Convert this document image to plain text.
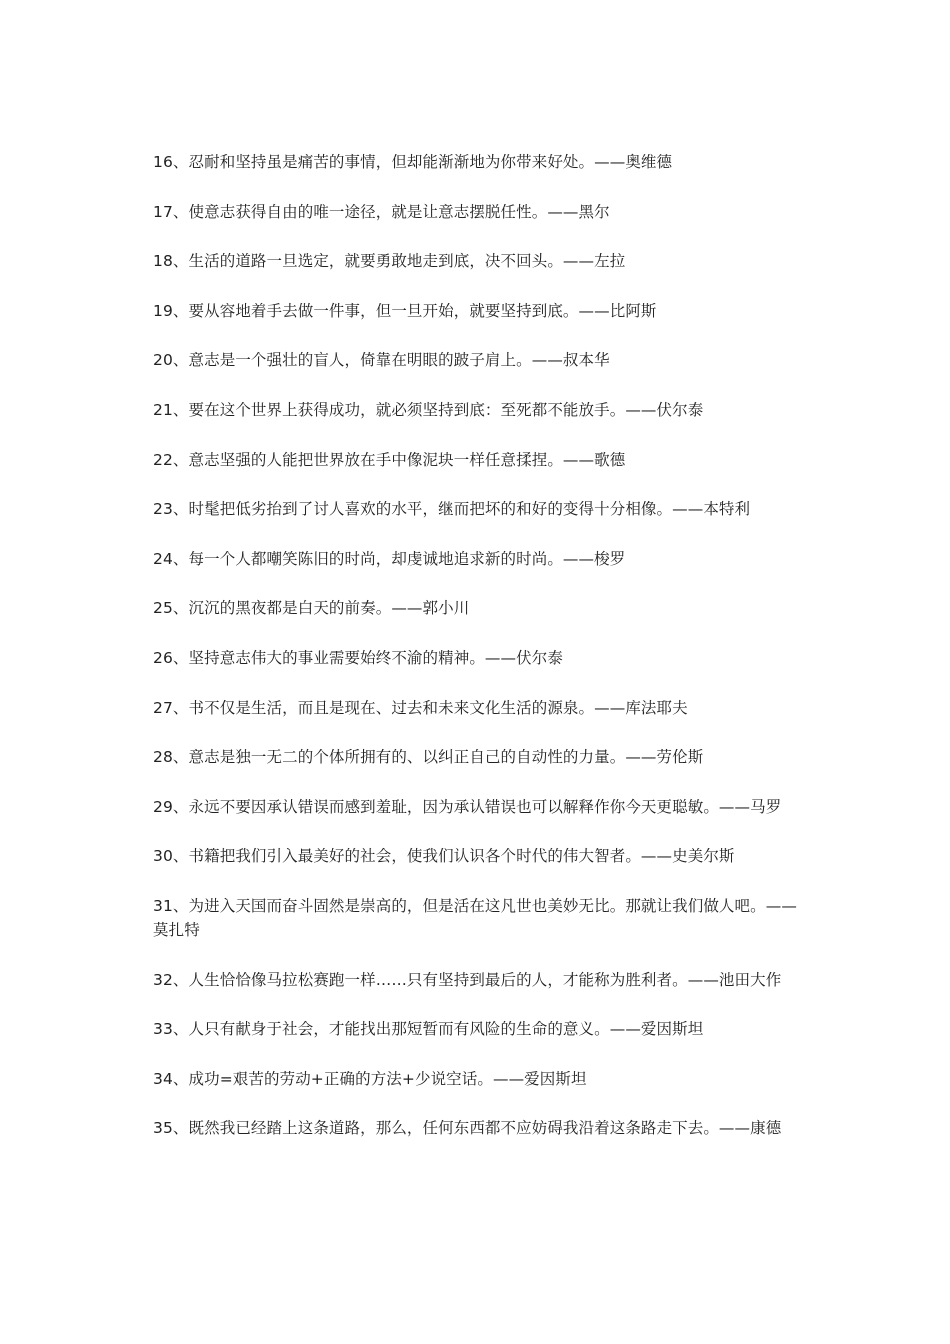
16、忍耐和坚持虽是痛苦的事情，但却能渐渐地为你带来好处。——奥维德
17、使意志获得自由的唯一途径，就是让意志摆脱任性。——黑尔
18、生活的道路一旦选定，就要勇敢地走到底，决不回头。——左拉
19、要从容地着手去做一件事，但一旦开始，就要坚持到底。——比阿斯
20、意志是一个强壮的盲人，倚靠在明眼的跛子肩上。——叔本华
21、要在这个世界上获得成功，就必须坚持到底：至死都不能放手。——伏尔泰
22、意志坚强的人能把世界放在手中像泥块一样任意揉捏。——歌德
23、时髦把低劣抬到了讨人喜欢的水平，继而把坏的和好的变得十分相像。——本特利
24、每一个人都嘲笑陈旧的时尚，却虔诚地追求新的时尚。——梭罗
25、沉沉的黑夜都是白天的前奏。——郭小川
26、坚持意志伟大的事业需要始终不渝的精神。——伏尔泰
27、书不仅是生活，而且是现在、过去和未来文化生活的源泉。——库法耶夫
28、意志是独一无二的个体所拥有的、以纠正自己的自动性的力量。——劳伦斯
29、永远不要因承认错误而感到羞耻，因为承认错误也可以解释作你今天更聪敏。——马罗
30、书籍把我们引入最美好的社会，使我们认识各个时代的伟大智者。——史美尔斯
31、为进入天国而奋斗固然是崇高的，但是活在这凡世也美妙无比。那就让我们做人吧。——莫扎特
32、人生恰恰像马拉松赛跑一样……只有坚持到最后的人，才能称为胜利者。——池田大作
33、人只有献身于社会，才能找出那短暂而有风险的生命的意义。——爱因斯坦
34、成功=艰苦的劳动+正确的方法+少说空话。——爱因斯坦
35、既然我已经踏上这条道路，那么，任何东西都不应妨碍我沿着这条路走下去。——康德
